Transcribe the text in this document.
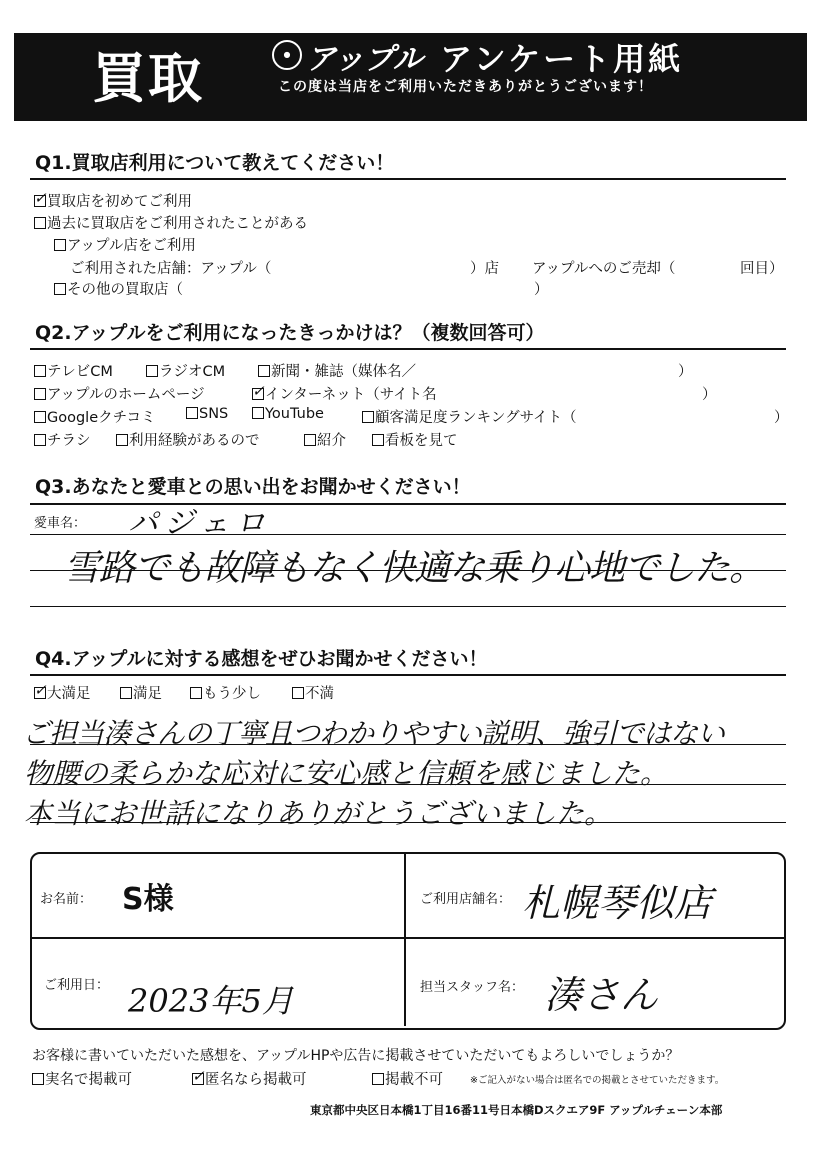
買取	● アップル アンケート用紙
この度は当店をご利用いただきありがとうございます！
Q1.買取店利用について教えてください！
✓ 買取店を初めてご利用
過去に買取店をご利用されたことがある
アップル店をご利用
ご利用された店舗：アップル（	）店 アップルへのご売却（	回目）
その他の買取店（	）
Q2.アップルをご利用になったきっかけは？（複数回答可）
テレビCM	ラジオCM	新聞・雑誌（媒体名／	）
アップルのホームページ	✓ インターネット（サイト名	）
Googleクチコミ	SNS	YouTube	顧客満足度ランキングサイト（	）
チラシ	利用経験があるので	紹介	看板を見て
Q3.あなたと愛車との思い出をお聞かせください！
愛車名： パジェロ
雪路でも故障もなく快適な乗り心地でした。
Q4.アップルに対する感想をぜひお聞かせください！
✓ 大満足	満足	もう少し	不満
ご担当湊さんの丁寧且つわかりやすい説明、強引ではない
物腰の柔らかな応対に安心感と信頼を感じました。
本当にお世話になりありがとうございました。
お名前： S様	ご利用店舗名： 札幌琴似店
ご利用日： 2023年5月	担当スタッフ名： 湊さん
お客様に書いていただいた感想を、アップルHPや広告に掲載させていただいてもよろしいでしょうか？
実名で掲載可	✓ 匿名なら掲載可	掲載不可	※ご記入がない場合は匿名での掲載とさせていただきます。
東京都中央区日本橋1丁目16番11号日本橋Dスクエア9F アップルチェーン本部
